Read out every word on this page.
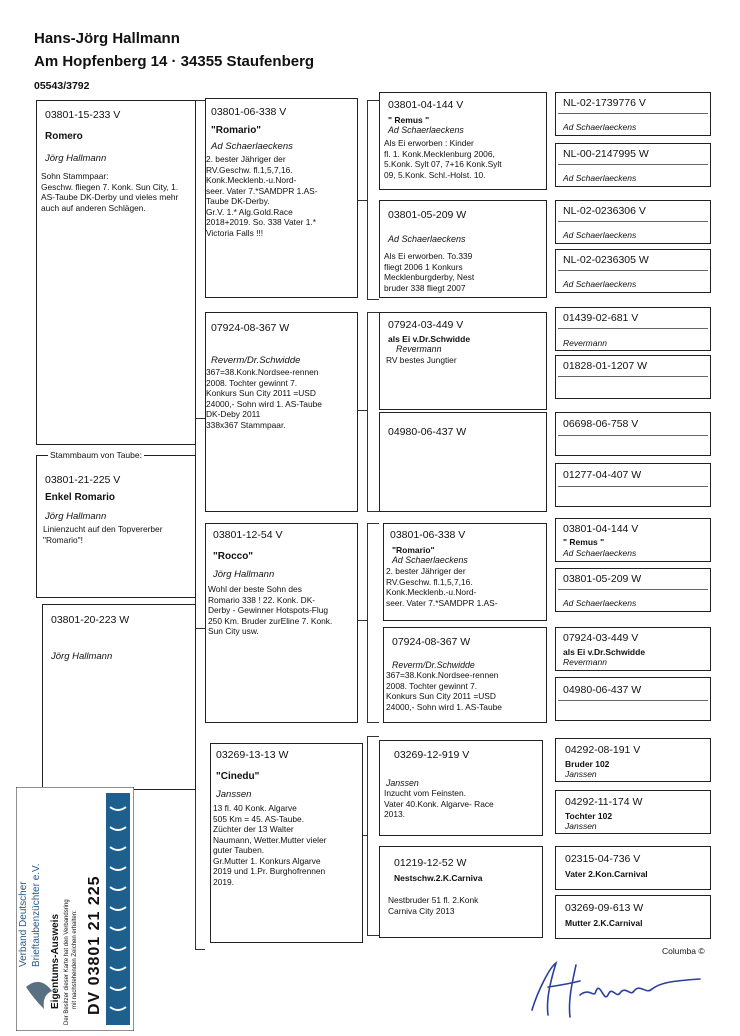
Hans-Jörg Hallmann
Am Hopfenberg 14 · 34355 Staufenberg
05543/3792
03801-15-233 V
Romero
Jörg Hallmann
Sohn Stammpaar:
Geschw. fliegen 7. Konk. Sun City, 1. AS-Taube DK-Derby und vieles mehr auch auf anderen Schlägen.
03801-21-225 V
Enkel Romario
Jörg Hallmann
Linienzucht auf den Topvererber "Romario"!
Stammbaum von Taube:
03801-20-223 W
Jörg Hallmann
03801-06-338 V
"Romario"
Ad Schaerlaeckens
2. bester Jähriger der
RV.Geschw. fl.1,5,7,16.
Konk.Mecklenb.-u.Nord-
seer. Vater 7.*SAMDPR 1.AS-
Taube DK-Derby.
Gr.V. 1.* Alg.Gold.Race
2018+2019. So. 338 Vater 1.*
Victoria Falls !!!
07924-08-367 W
Reverm/Dr.Schwidde
367=38.Konk.Nordsee-rennen
2008. Tochter gewinnt 7.
Konkurs Sun City 2011 =USD
24000,- Sohn wird 1. AS-Taube
DK-Deby 2011
338x367 Stammpaar.
03801-12-54 V
"Rocco"
Jörg Hallmann
Wohl der beste Sohn des
Romario 338 ! 22. Konk. DK-
Derby - Gewinner Hotspots-Flug
250 Km. Bruder zurEline 7. Konk.
Sun City usw.
03269-13-13 W
"Cinedu"
Janssen
13 fl. 40 Konk. Algarve
505 Km = 45. AS-Taube.
Züchter der 13 Walter
Naumann, Wetter.Mutter vieler
guter Tauben.
Gr.Mutter 1. Konkurs Algarve
2019 und 1.Pr. Burghofrennen
2019.
03801-04-144 V
" Remus "
Ad Schaerlaeckens
Als Ei erworben : Kinder
fl. 1. Konk.Mecklenburg 2006,
5.Konk. Sylt 07, 7+16 Konk.Sylt
09, 5.Konk. Schl.-Holst. 10.
03801-05-209 W
Ad Schaerlaeckens
Als Ei erworben. To.339
fliegt 2006 1 Konkurs
Mecklenburgderby, Nest
bruder 338 fliegt 2007
07924-03-449 V
als Ei v.Dr.Schwidde
Revermann
RV bestes Jungtier
04980-06-437 W
03801-06-338 V
"Romario"
Ad Schaerlaeckens
2. bester Jähriger der
RV.Geschw. fl.1,5,7,16.
Konk.Mecklenb.-u.Nord-
seer. Vater 7.*SAMDPR 1.AS-
07924-08-367 W
Reverm/Dr.Schwidde
367=38.Konk.Nordsee-rennen
2008. Tochter gewinnt 7.
Konkurs Sun City 2011 =USD
24000,- Sohn wird 1. AS-Taube
03269-12-919 V
Janssen
Inzucht vom Feinsten.
Vater 40.Konk. Algarve- Race
2013.
01219-12-52 W
Nestschw.2.K.Carniva
Nestbruder 51 fl. 2.Konk
Carniva City 2013
NL-02-1739776 V
Ad Schaerlaeckens
NL-00-2147995 W
Ad Schaerlaeckens
NL-02-0236306 V
Ad Schaerlaeckens
NL-02-0236305 W
Ad Schaerlaeckens
01439-02-681 V
Revermann
01828-01-1207 W
06698-06-758 V
01277-04-407 W
03801-04-144 V
" Remus "
Ad Schaerlaeckens
03801-05-209 W
Ad Schaerlaeckens
07924-03-449 V
als Ei v.Dr.Schwidde
Revermann
04980-06-437 W
04292-08-191 V
Bruder 102
Janssen
04292-11-174 W
Tochter 102
Janssen
02315-04-736 V
Vater 2.Kon.Carnival
03269-09-613 W
Mutter 2.K.Carnival
Verband Deutscher Brieftaubenzüchter e.V. Eigentums-Ausweis Der Besitzer dieser Karte hat den Verbandsring mit nachstehenden Zeichen erhalten: DV 03801 21 225	Columba ©
